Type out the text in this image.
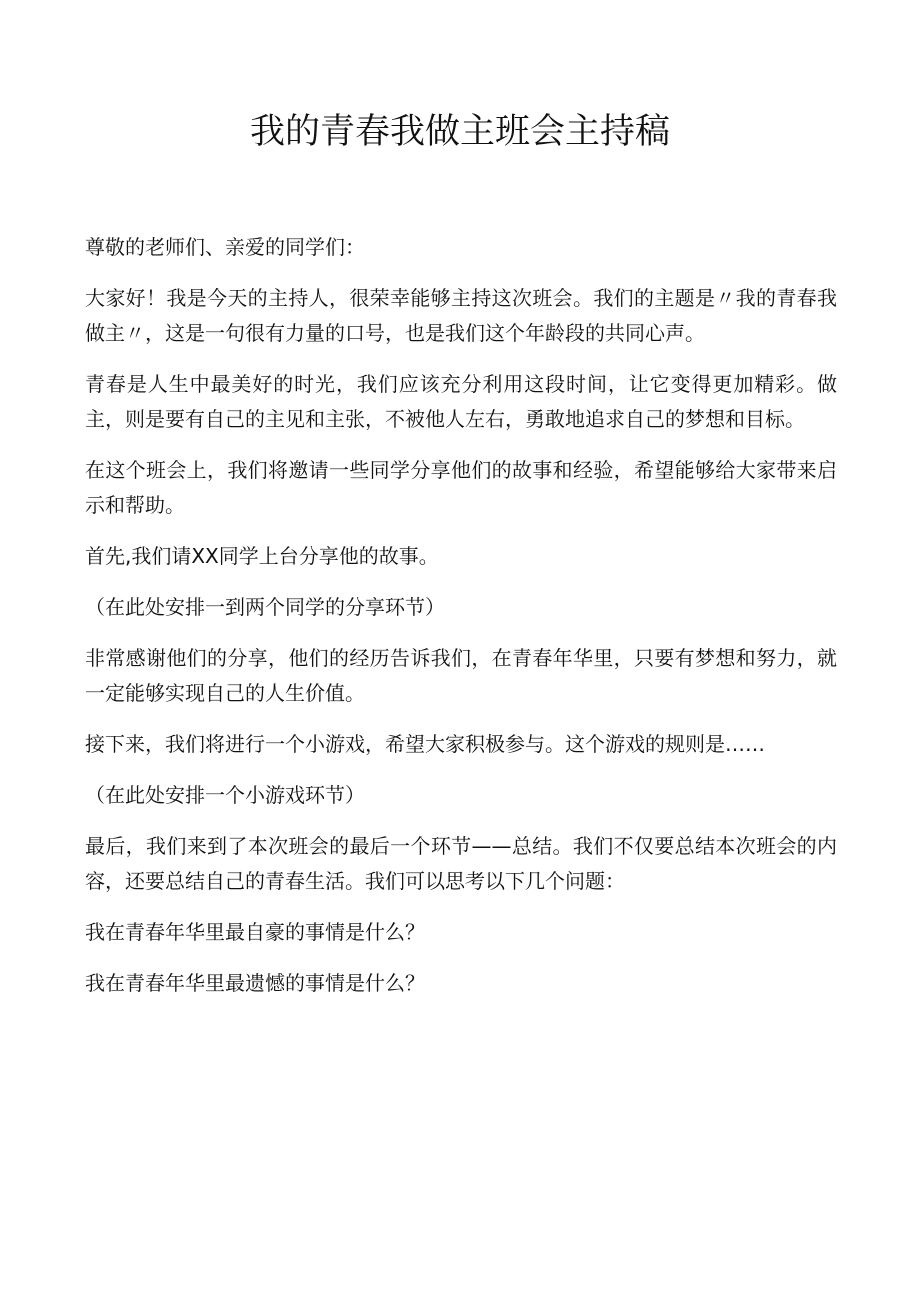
我的青春我做主班会主持稿

尊敬的老师们、亲爱的同学们：

大家好！我是今天的主持人，很荣幸能够主持这次班会。我们的主题是〃我的青春我做主〃，这是一句很有力量的口号，也是我们这个年龄段的共同心声。

青春是人生中最美好的时光，我们应该充分利用这段时间，让它变得更加精彩。做主，则是要有自己的主见和主张，不被他人左右，勇敢地追求自己的梦想和目标。

在这个班会上，我们将邀请一些同学分享他们的故事和经验，希望能够给大家带来启示和帮助。

首先,我们请XX同学上台分享他的故事。

（在此处安排一到两个同学的分享环节）

非常感谢他们的分享，他们的经历告诉我们，在青春年华里，只要有梦想和努力，就一定能够实现自己的人生价值。

接下来，我们将进行一个小游戏，希望大家积极参与。这个游戏的规则是……

（在此处安排一个小游戏环节）

最后，我们来到了本次班会的最后一个环节——总结。我们不仅要总结本次班会的内容，还要总结自己的青春生活。我们可以思考以下几个问题：

我在青春年华里最自豪的事情是什么？

我在青春年华里最遗憾的事情是什么？
